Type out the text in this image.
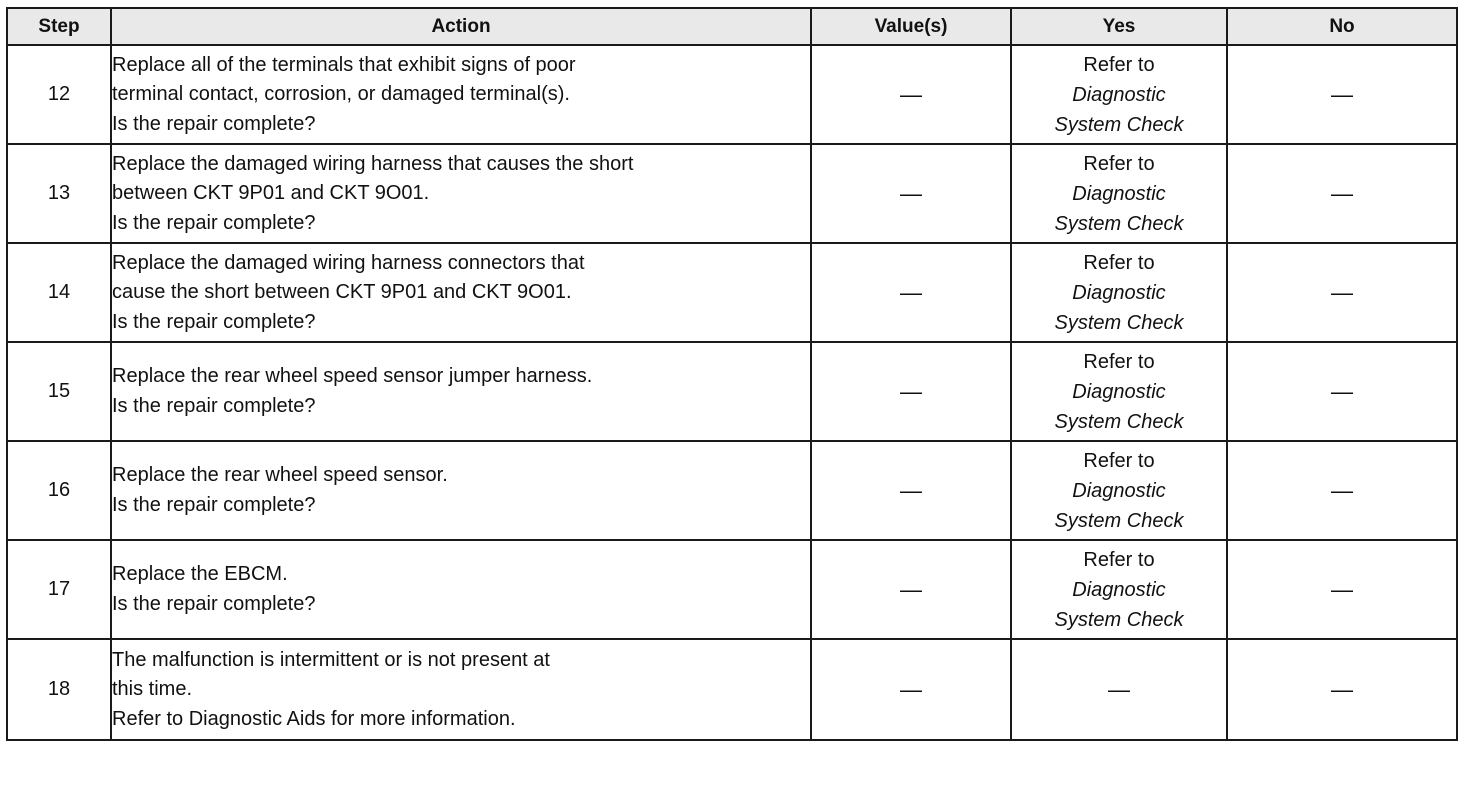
Step	Action	Value(s)	Yes	No
12	Replace all of the terminals that exhibit signs of poor
terminal contact, corrosion, or damaged terminal(s).
Is the repair complete?	—	Refer to
Diagnostic
System Check	—
13	Replace the damaged wiring harness that causes the short
between CKT 9P01 and CKT 9O01.
Is the repair complete?	—	Refer to
Diagnostic
System Check	—
14	Replace the damaged wiring harness connectors that
cause the short between CKT 9P01 and CKT 9O01.
Is the repair complete?	—	Refer to
Diagnostic
System Check	—
15	Replace the rear wheel speed sensor jumper harness.
Is the repair complete?	—	Refer to
Diagnostic
System Check	—
16	Replace the rear wheel speed sensor.
Is the repair complete?	—	Refer to
Diagnostic
System Check	—
17	Replace the EBCM.
Is the repair complete?	—	Refer to
Diagnostic
System Check	—
18	The malfunction is intermittent or is not present at
this time.
Refer to Diagnostic Aids for more information.	—	—	—
